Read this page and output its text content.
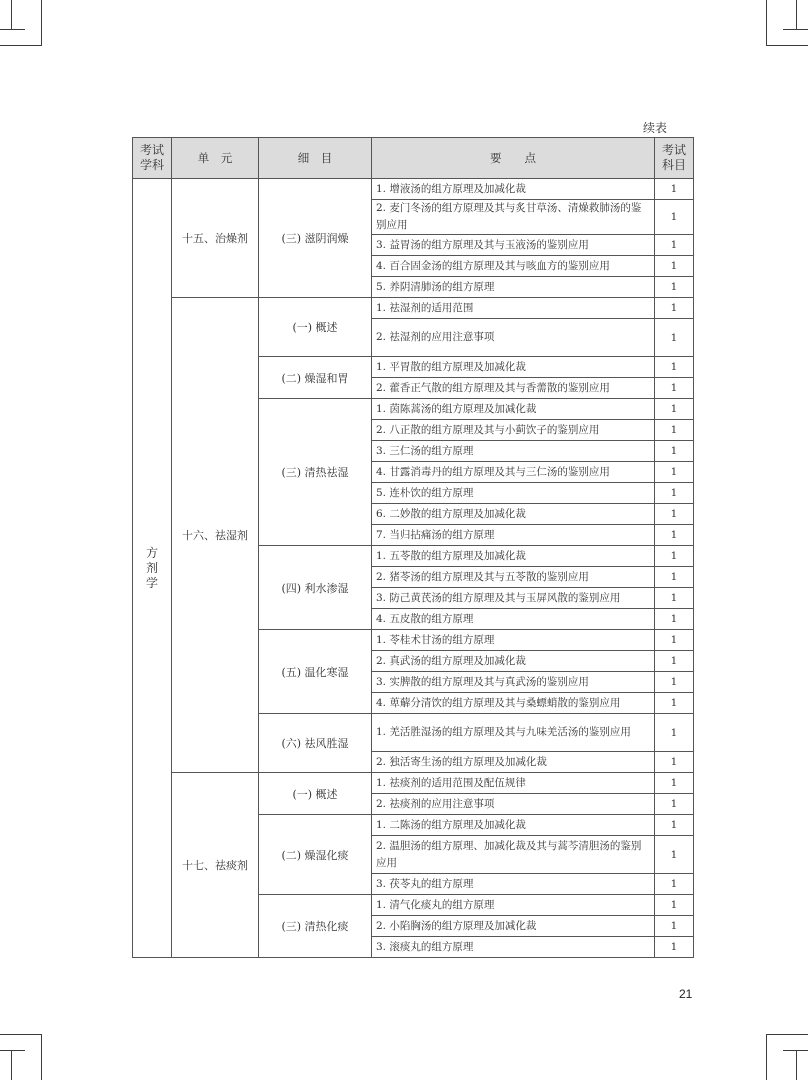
续表
考试学科	单　元	细　目	要　　点	考试科目
方剂学	十五、治燥剂	(三) 滋阴润燥	1. 增液汤的组方原理及加减化裁	1
			2. 麦门冬汤的组方原理及其与炙甘草汤、清燥救肺汤的鉴别应用	1
			3. 益胃汤的组方原理及其与玉液汤的鉴别应用	1
			4. 百合固金汤的组方原理及其与咳血方的鉴别应用	1
			5. 养阴清肺汤的组方原理	1
	十六、祛湿剂	(一) 概述	1. 祛湿剂的适用范围	1
			2. 祛湿剂的应用注意事项	1
		(二) 燥湿和胃	1. 平胃散的组方原理及加减化裁	1
			2. 藿香正气散的组方原理及其与香薷散的鉴别应用	1
		(三) 清热祛湿	1. 茵陈蒿汤的组方原理及加减化裁	1
			2. 八正散的组方原理及其与小蓟饮子的鉴别应用	1
			3. 三仁汤的组方原理	1
			4. 甘露消毒丹的组方原理及其与三仁汤的鉴别应用	1
			5. 连朴饮的组方原理	1
			6. 二妙散的组方原理及加减化裁	1
			7. 当归拈痛汤的组方原理	1
		(四) 利水渗湿	1. 五苓散的组方原理及加减化裁	1
			2. 猪苓汤的组方原理及其与五苓散的鉴别应用	1
			3. 防己黄芪汤的组方原理及其与玉屏风散的鉴别应用	1
			4. 五皮散的组方原理	1
		(五) 温化寒湿	1. 苓桂术甘汤的组方原理	1
			2. 真武汤的组方原理及加减化裁	1
			3. 实脾散的组方原理及其与真武汤的鉴别应用	1
			4. 萆薢分清饮的组方原理及其与桑螵蛸散的鉴别应用	1
		(六) 祛风胜湿	1. 羌活胜湿汤的组方原理及其与九味羌活汤的鉴别应用	1
			2. 独活寄生汤的组方原理及加减化裁	1
	十七、祛痰剂	(一) 概述	1. 祛痰剂的适用范围及配伍规律	1
			2. 祛痰剂的应用注意事项	1
		(二) 燥湿化痰	1. 二陈汤的组方原理及加减化裁	1
			2. 温胆汤的组方原理、加减化裁及其与蒿芩清胆汤的鉴别应用	1
			3. 茯苓丸的组方原理	1
		(三) 清热化痰	1. 清气化痰丸的组方原理	1
			2. 小陷胸汤的组方原理及加减化裁	1
			3. 滚痰丸的组方原理	1
21
